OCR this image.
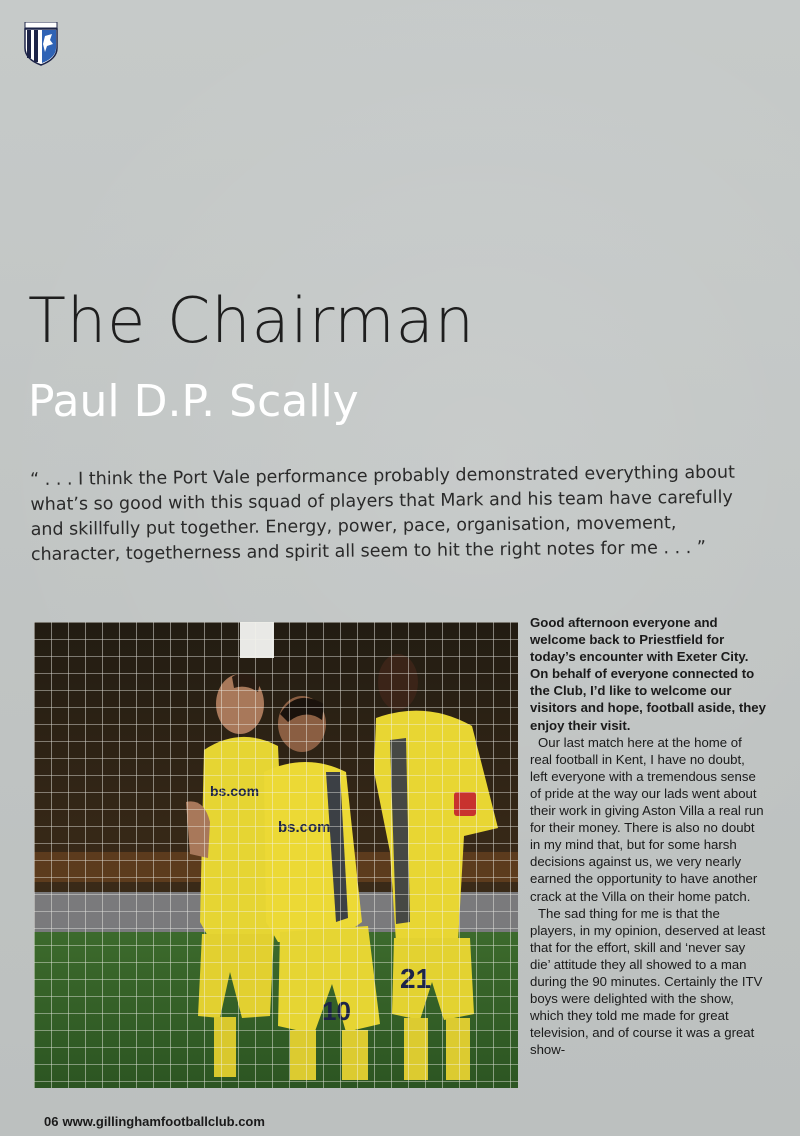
The Chairman
Paul D.P. Scally

“ . . . I think the Port Vale performance probably demonstrated everything about what’s so good with this squad of players that Mark and his team have carefully and skillfully put together. Energy, power, pace, organisation, movement, character, togetherness and spirit all seem to hit the right notes for me . . . ”

Good afternoon everyone and welcome back to Priestfield for today’s encounter with Exeter City. On behalf of everyone connected to the Club, I’d like to welcome our visitors and hope, football aside, they enjoy their visit.

Our last match here at the home of real football in Kent, I have no doubt, left everyone with a tremendous sense of pride at the way our lads went about their work in giving Aston Villa a real run for their money. There is also no doubt in my mind that, but for some harsh decisions against us, we very nearly earned the opportunity to have another crack at the Villa on their home patch.

The sad thing for me is that the players, in my opinion, deserved at least that for the effort, skill and ‘never say die’ attitude they all showed to a man during the 90 minutes. Certainly the ITV boys were delighted with the show, which they told me made for great television, and of course it was a great show-

06 www.gillinghamfootballclub.com
